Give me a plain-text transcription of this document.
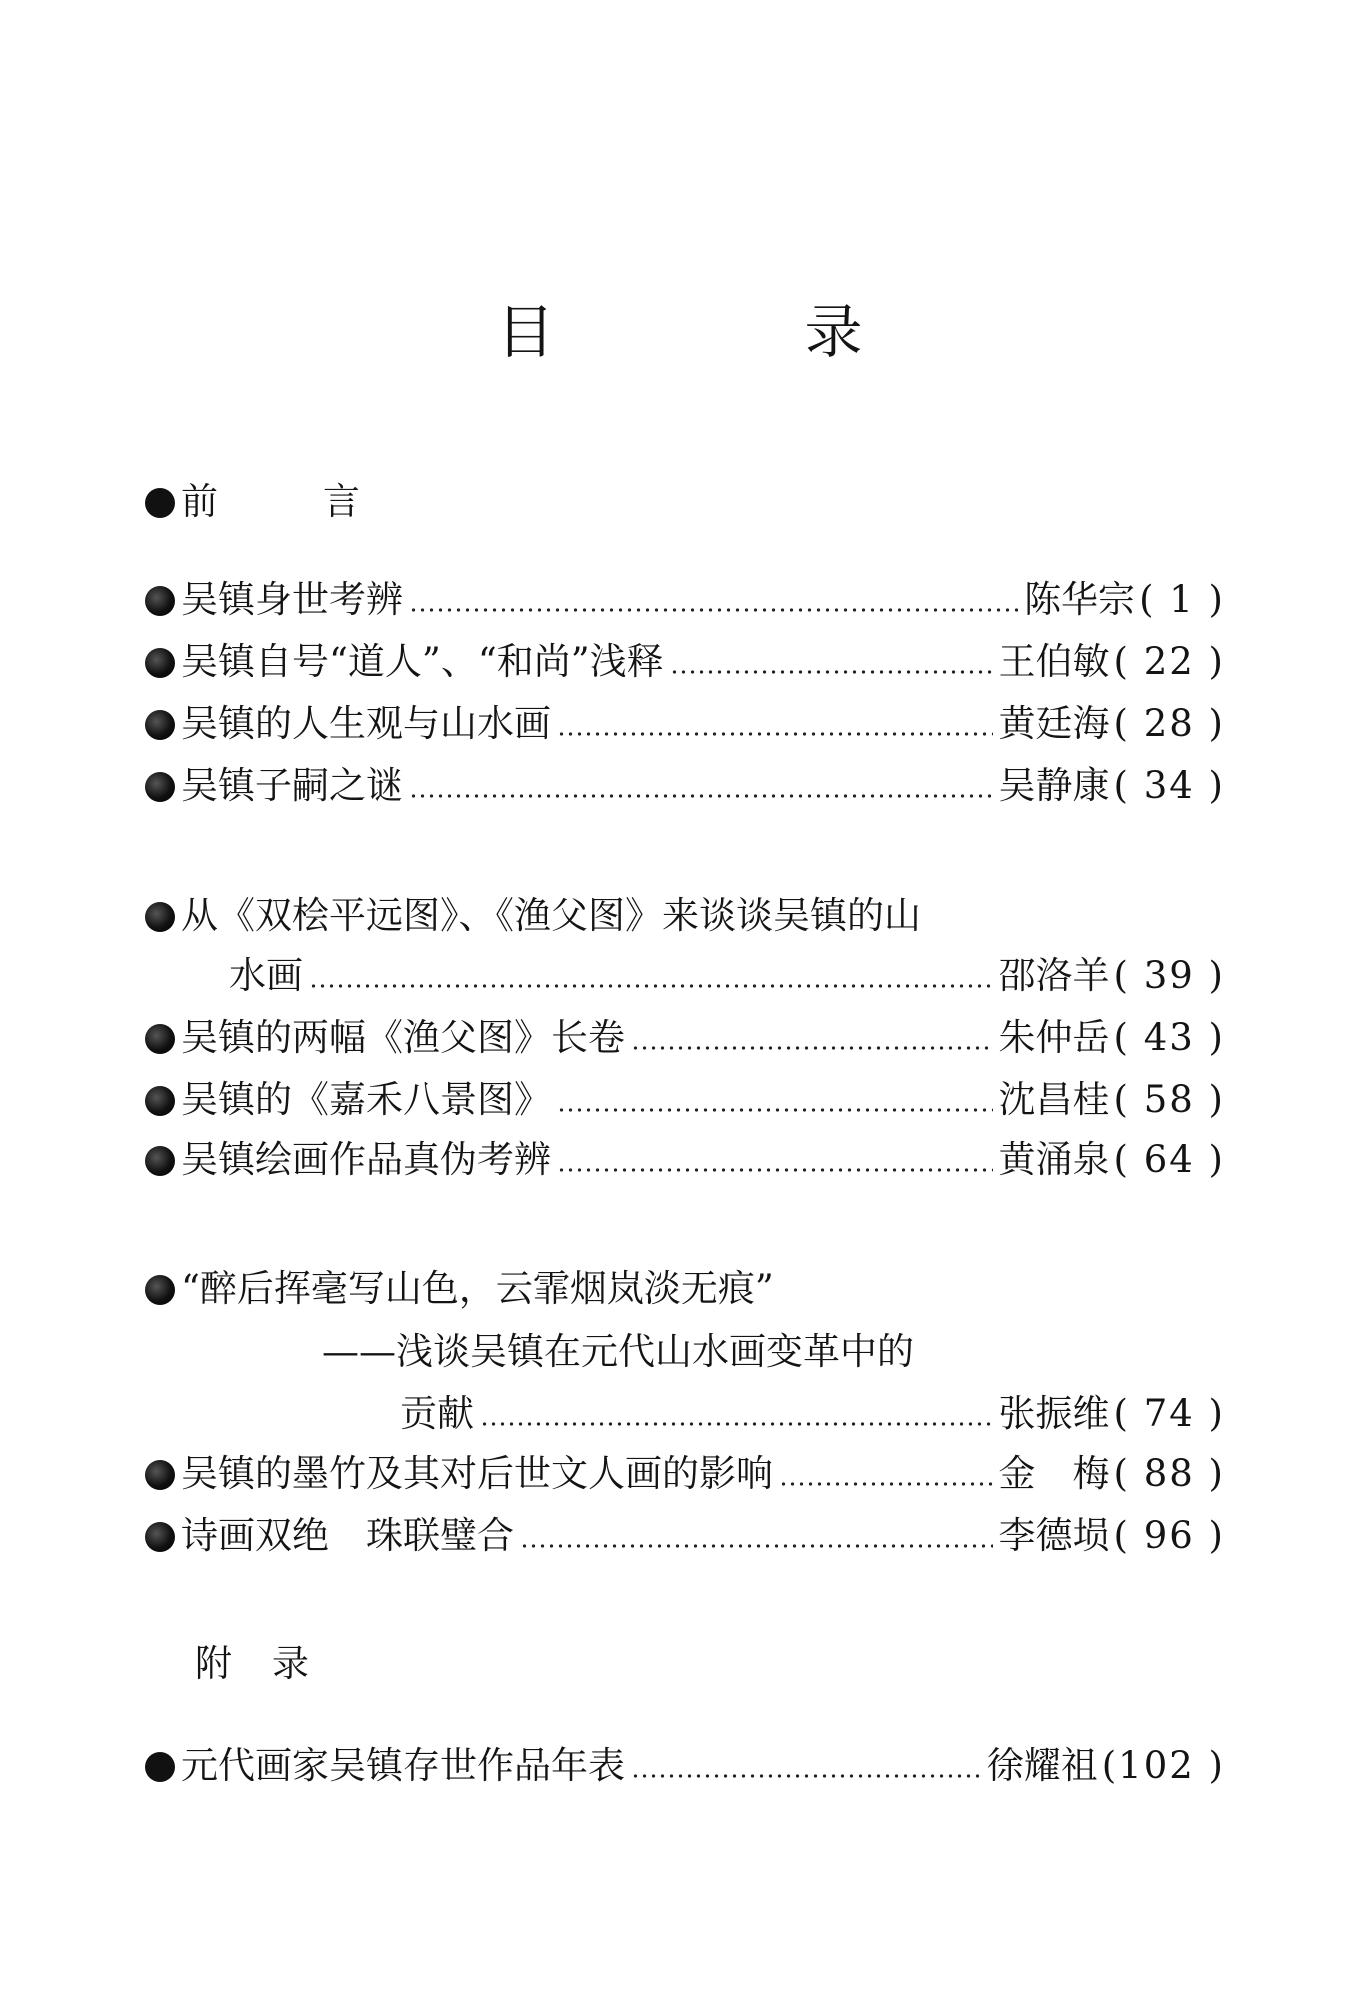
目	录
前	言
吴镇身世考辨	陈华宗 ( 1 )
吴镇自号“道人”、“和尚”浅释	王伯敏 ( 22 )
吴镇的人生观与山水画	黄廷海 ( 28 )
吴镇子嗣之谜	吴静康 ( 34 )
从《双桧平远图》、《渔父图》来谈谈吴镇的山
水画	邵洛羊 ( 39 )
吴镇的两幅《渔父图》长卷	朱仲岳 ( 43 )
吴镇的《嘉禾八景图》	沈昌桂 ( 58 )
吴镇绘画作品真伪考辨	黄涌泉 ( 64 )
“醉后挥毫写山色，云霏烟岚淡无痕”
——浅谈吴镇在元代山水画变革中的
贡献	张振维 ( 74 )
吴镇的墨竹及其对后世文人画的影响	金　梅 ( 88 )
诗画双绝　珠联璧合	李德埙 ( 96 )
附 录
元代画家吴镇存世作品年表	徐耀祖 (102 )
